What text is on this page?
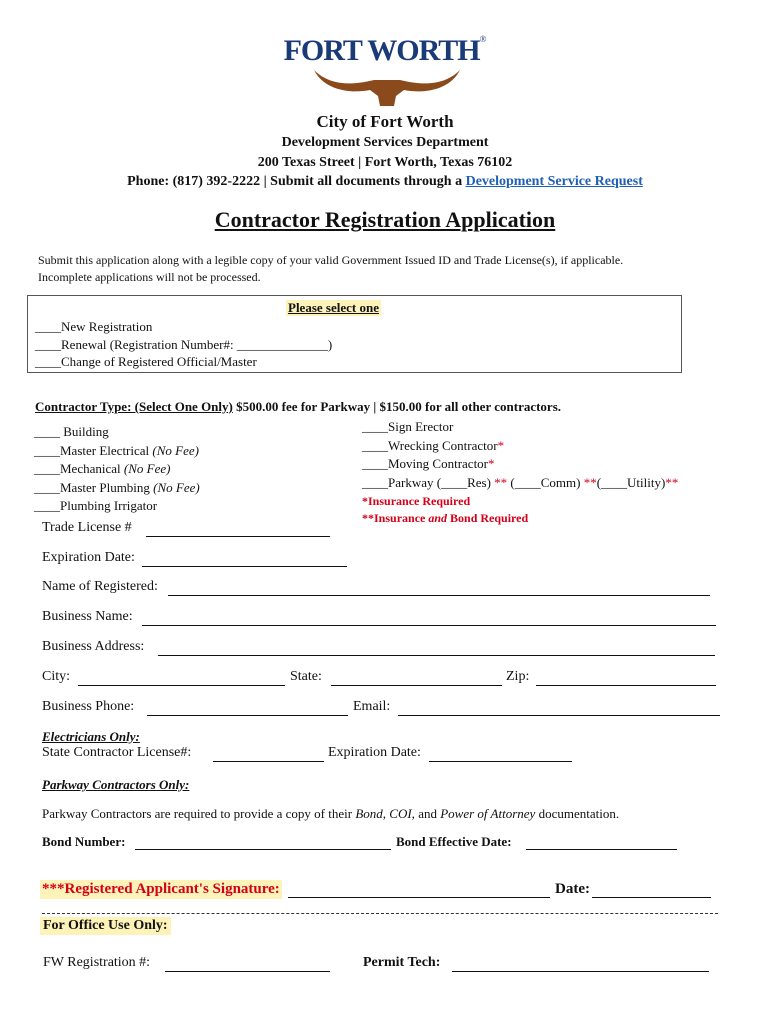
FORT WORTH®
City of Fort Worth
Development Services Department
200 Texas Street | Fort Worth, Texas 76102
Phone: (817) 392-2222 | Submit all documents through a Development Service Request
Contractor Registration Application
Submit this application along with a legible copy of your valid Government Issued ID and Trade License(s), if applicable.
Incomplete applications will not be processed.
Please select one
____New Registration
____Renewal (Registration Number#: ______________)
____Change of Registered Official/Master
Contractor Type: (Select One Only) $500.00 fee for Parkway | $150.00 for all other contractors.
____ Building
____Master Electrical (No Fee)
____Mechanical (No Fee)
____Master Plumbing (No Fee)
____Plumbing Irrigator
____Sign Erector
____Wrecking Contractor*
____Moving Contractor*
____Parkway (____Res) ** (____Comm) **(____Utility)**
*Insurance Required
**Insurance and Bond Required
Trade License #
Expiration Date:
Name of Registered:
Business Name:
Business Address:
City:	State:	Zip:
Business Phone:	Email:
Electricians Only:
State Contractor License#:	Expiration Date:
Parkway Contractors Only:
Parkway Contractors are required to provide a copy of their Bond, COI, and Power of Attorney documentation.
Bond Number:	Bond Effective Date:
***Registered Applicant's Signature:	Date:
For Office Use Only:
FW Registration #:	Permit Tech:
